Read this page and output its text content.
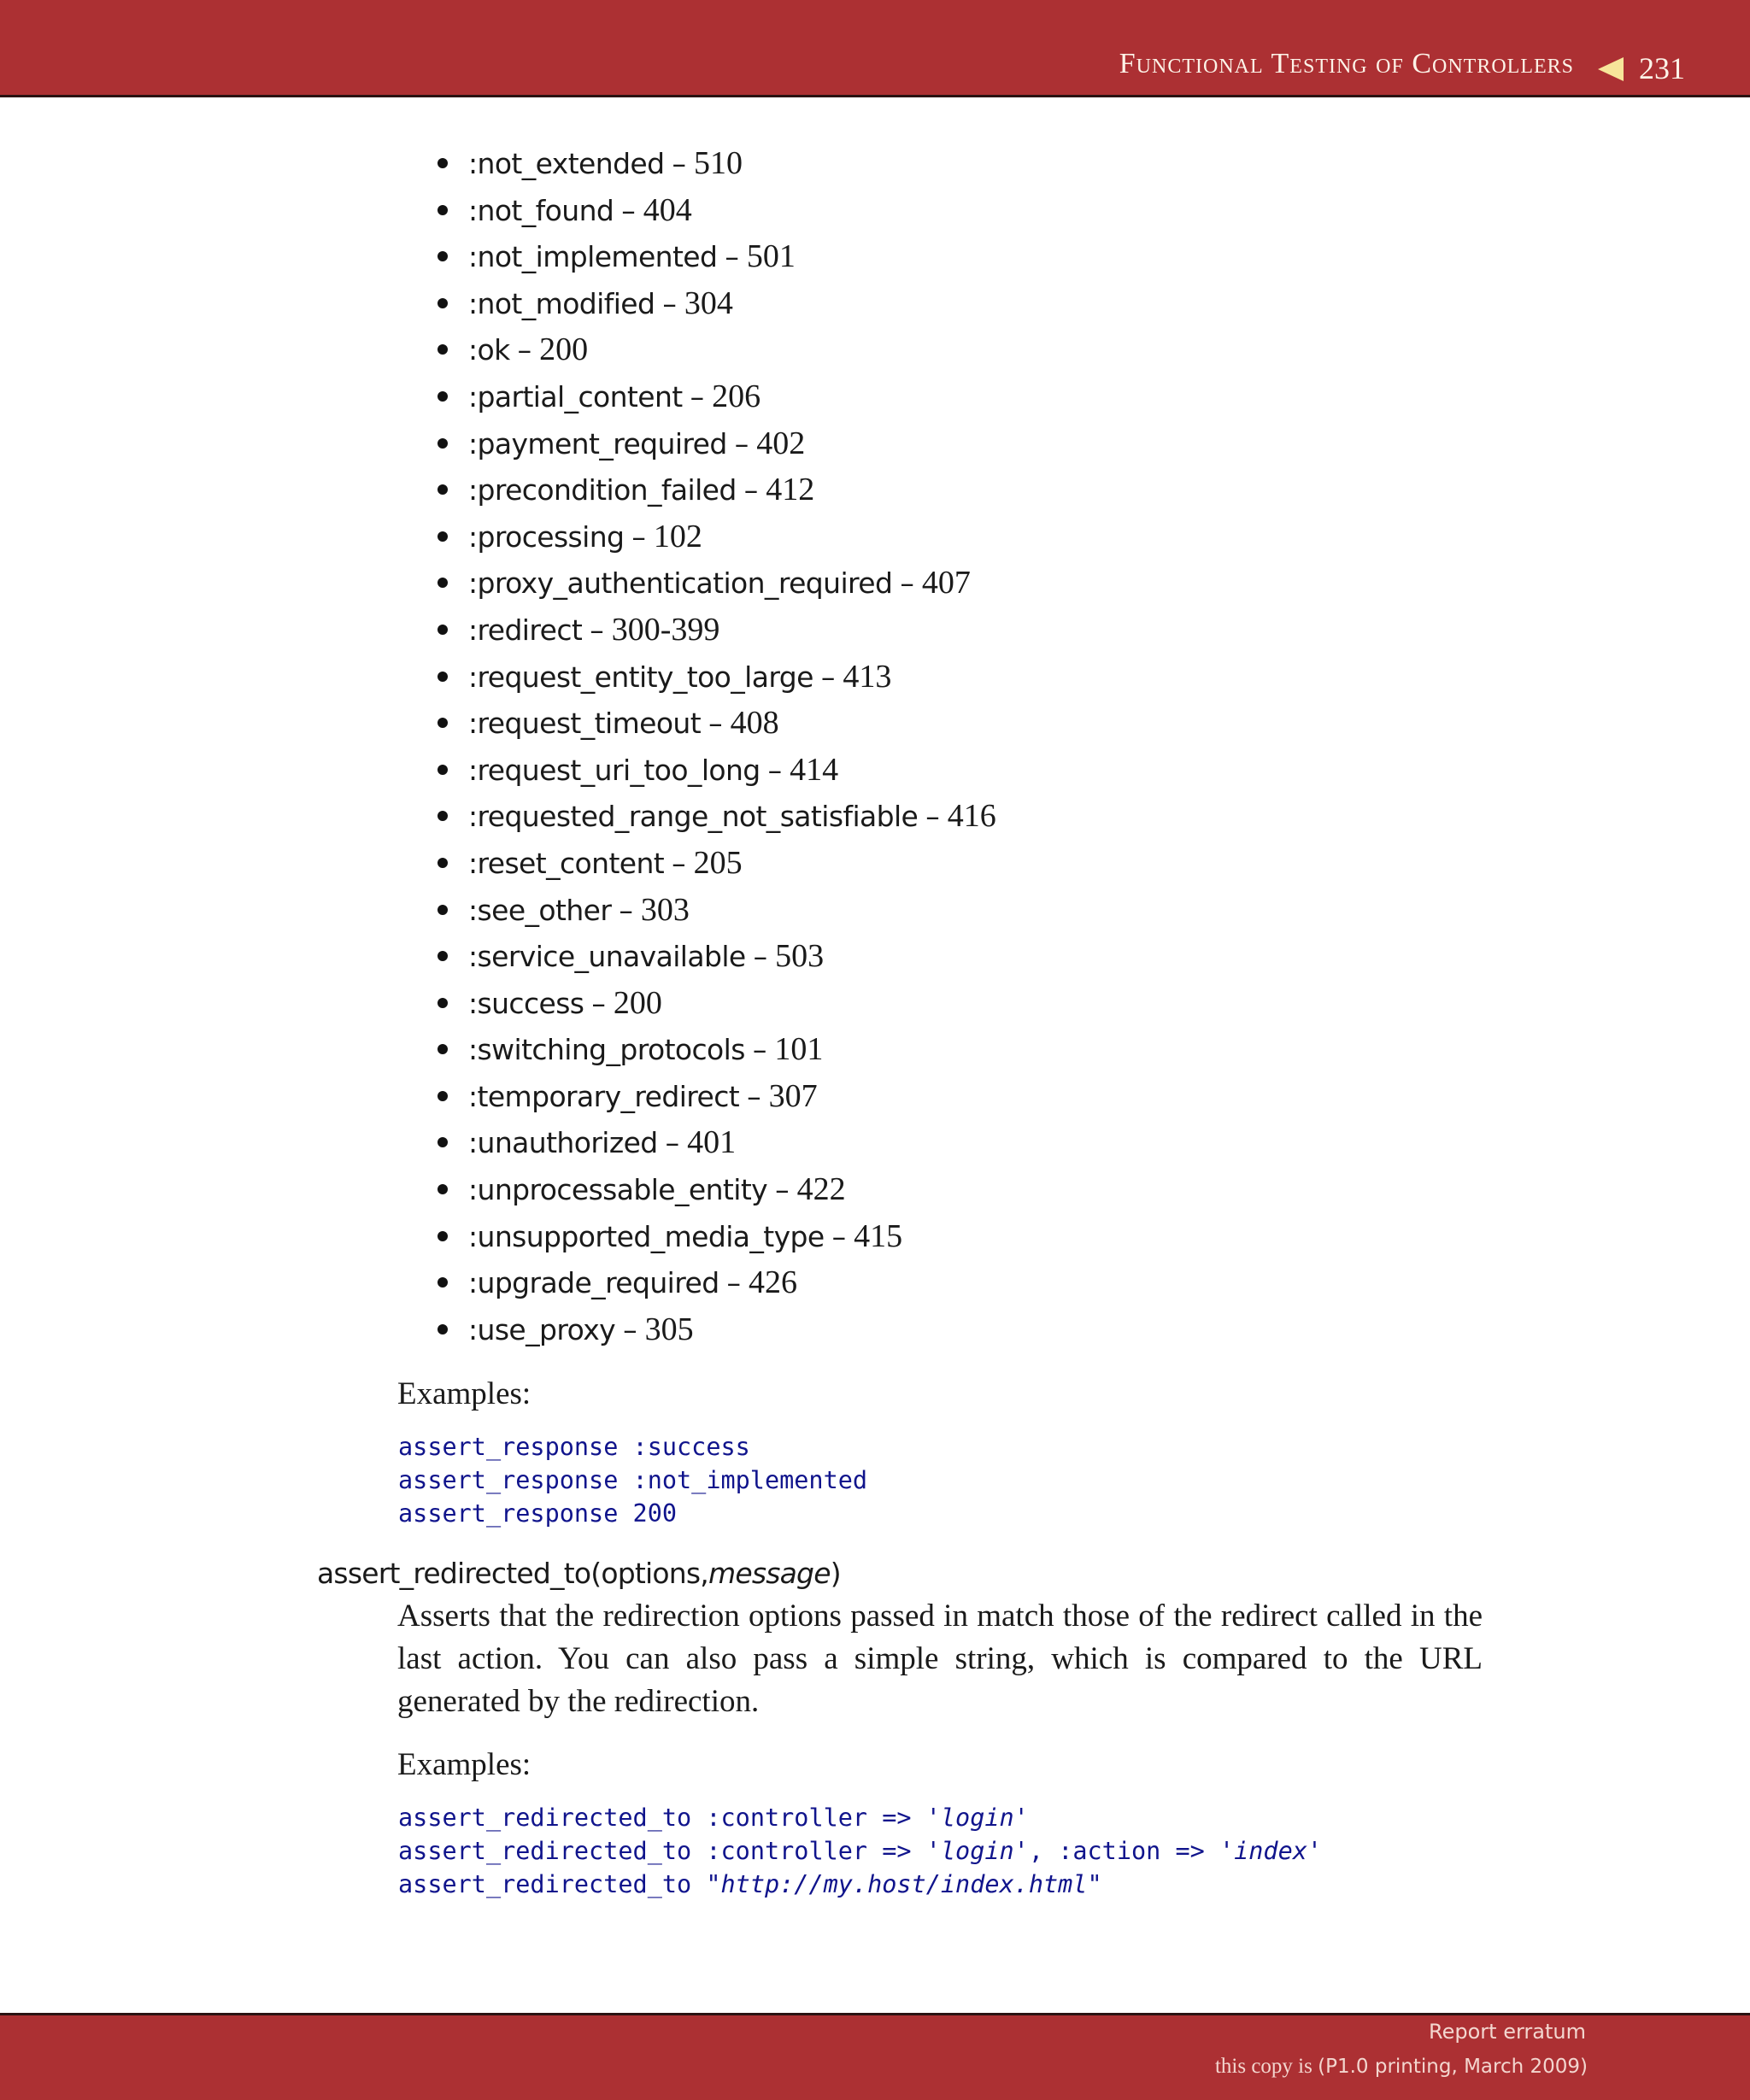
Functional Testing of Controllers 231
:not_extended – 510
:not_found – 404
:not_implemented – 501
:not_modified – 304
:ok – 200
:partial_content – 206
:payment_required – 402
:precondition_failed – 412
:processing – 102
:proxy_authentication_required – 407
:redirect – 300-399
:request_entity_too_large – 413
:request_timeout – 408
:request_uri_too_long – 414
:requested_range_not_satisfiable – 416
:reset_content – 205
:see_other – 303
:service_unavailable – 503
:success – 200
:switching_protocols – 101
:temporary_redirect – 307
:unauthorized – 401
:unprocessable_entity – 422
:unsupported_media_type – 415
:upgrade_required – 426
:use_proxy – 305
Examples:
assert_response :success
assert_response :not_implemented
assert_response 200
assert_redirected_to(options,message)
Asserts that the redirection options passed in match those of the redirect called in the last action. You can also pass a simple string, which is compared to the URL generated by the redirection.
Examples:
assert_redirected_to :controller => 'login'
assert_redirected_to :controller => 'login', :action => 'index'
assert_redirected_to "http://my.host/index.html"
Report erratum
this copy is (P1.0 printing, March 2009)
